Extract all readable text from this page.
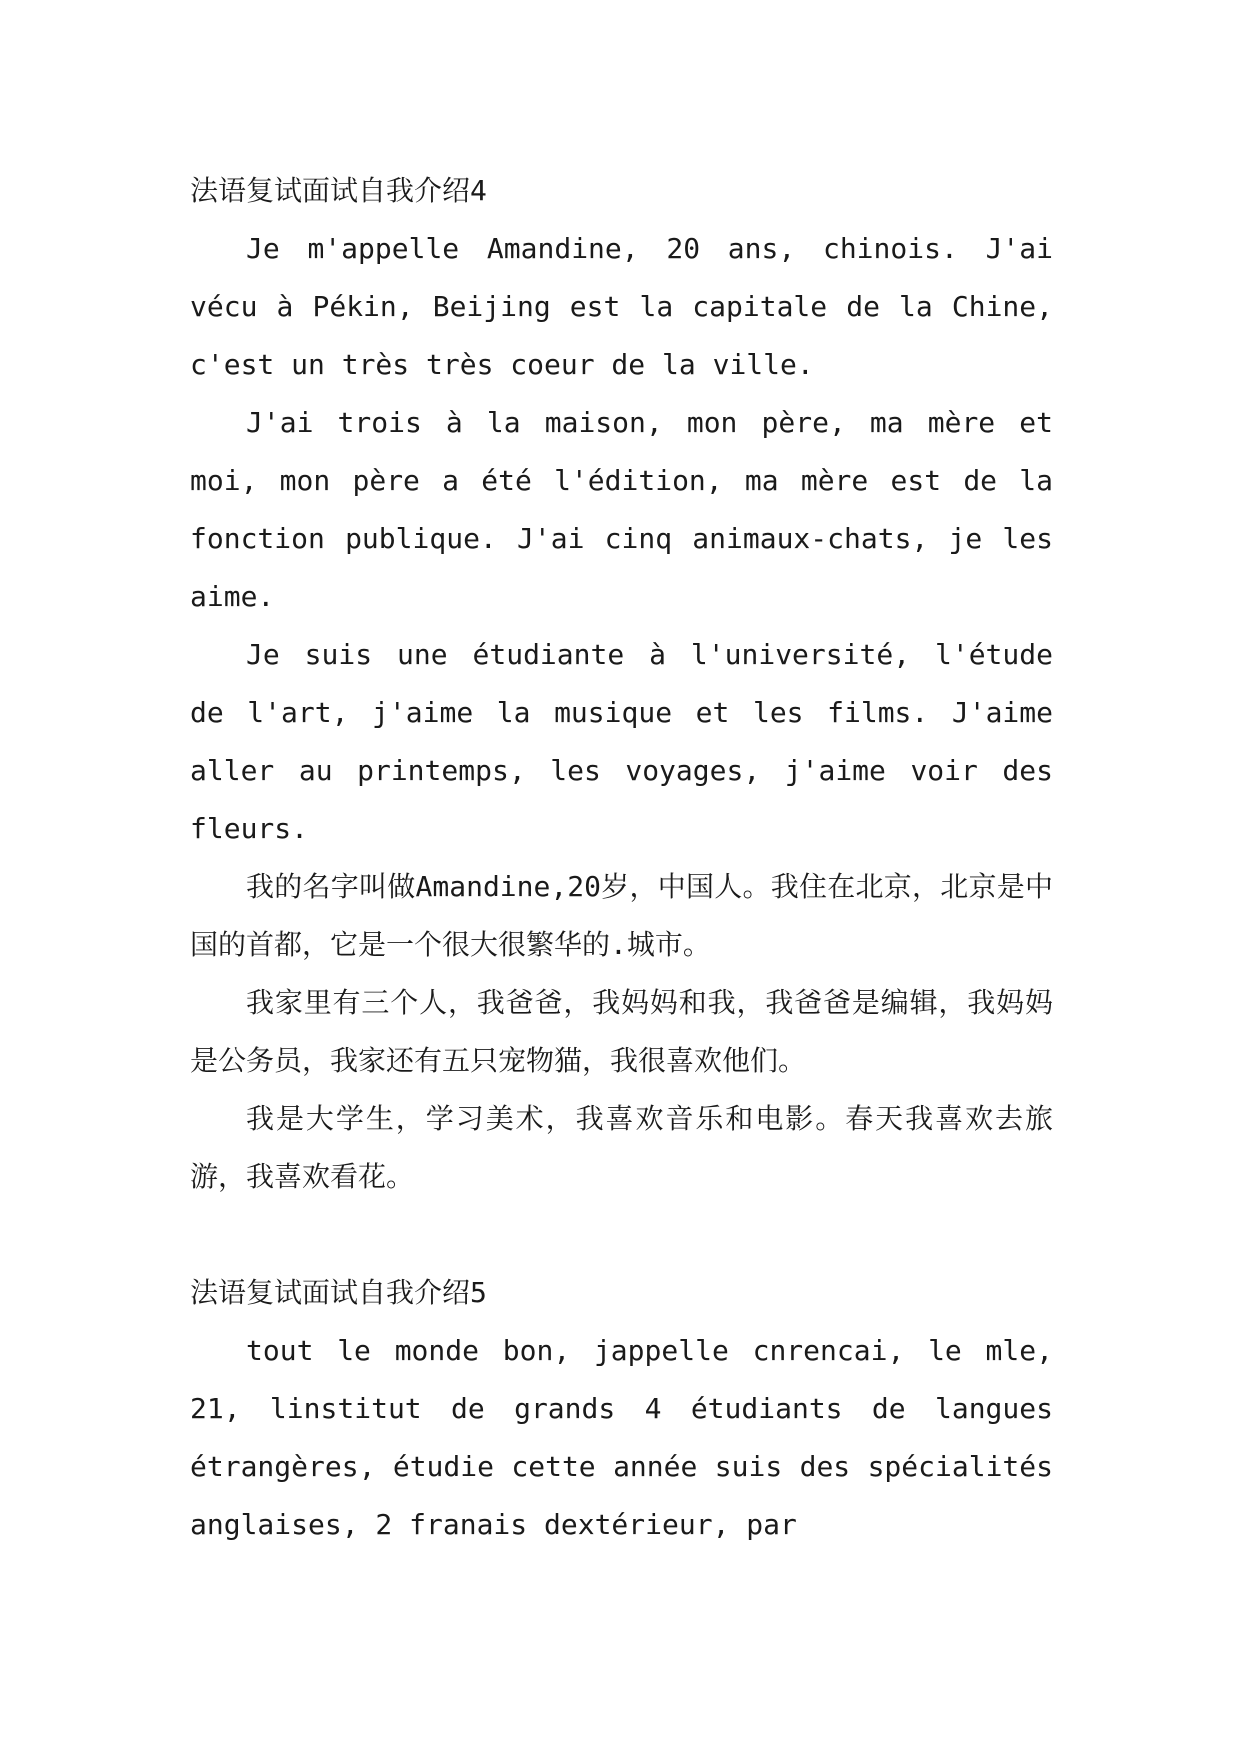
法语复试面试自我介绍4

Je m'appelle Amandine, 20 ans, chinois. J'ai vécu à Pékin, Beijing est la capitale de la Chine, c'est un très très coeur de la ville.

J'ai trois à la maison, mon père, ma mère et moi, mon père a été l'édition, ma mère est de la fonction publique. J'ai cinq animaux-chats, je les aime.

Je suis une étudiante à l'université, l'étude de l'art, j'aime la musique et les films. J'aime aller au printemps, les voyages, j'aime voir des fleurs.

我的名字叫做Amandine,20岁，中国人。我住在北京，北京是中国的首都，它是一个很大很繁华的.城市。

我家里有三个人，我爸爸，我妈妈和我，我爸爸是编辑，我妈妈是公务员，我家还有五只宠物猫，我很喜欢他们。

我是大学生，学习美术，我喜欢音乐和电影。春天我喜欢去旅游，我喜欢看花。

法语复试面试自我介绍5

tout le monde bon, jappelle cnrencai, le mle, 21, linstitut de grands 4 étudiants de langues étrangères, étudie cette année suis des spécialités anglaises, 2 franais dextérieur, par
